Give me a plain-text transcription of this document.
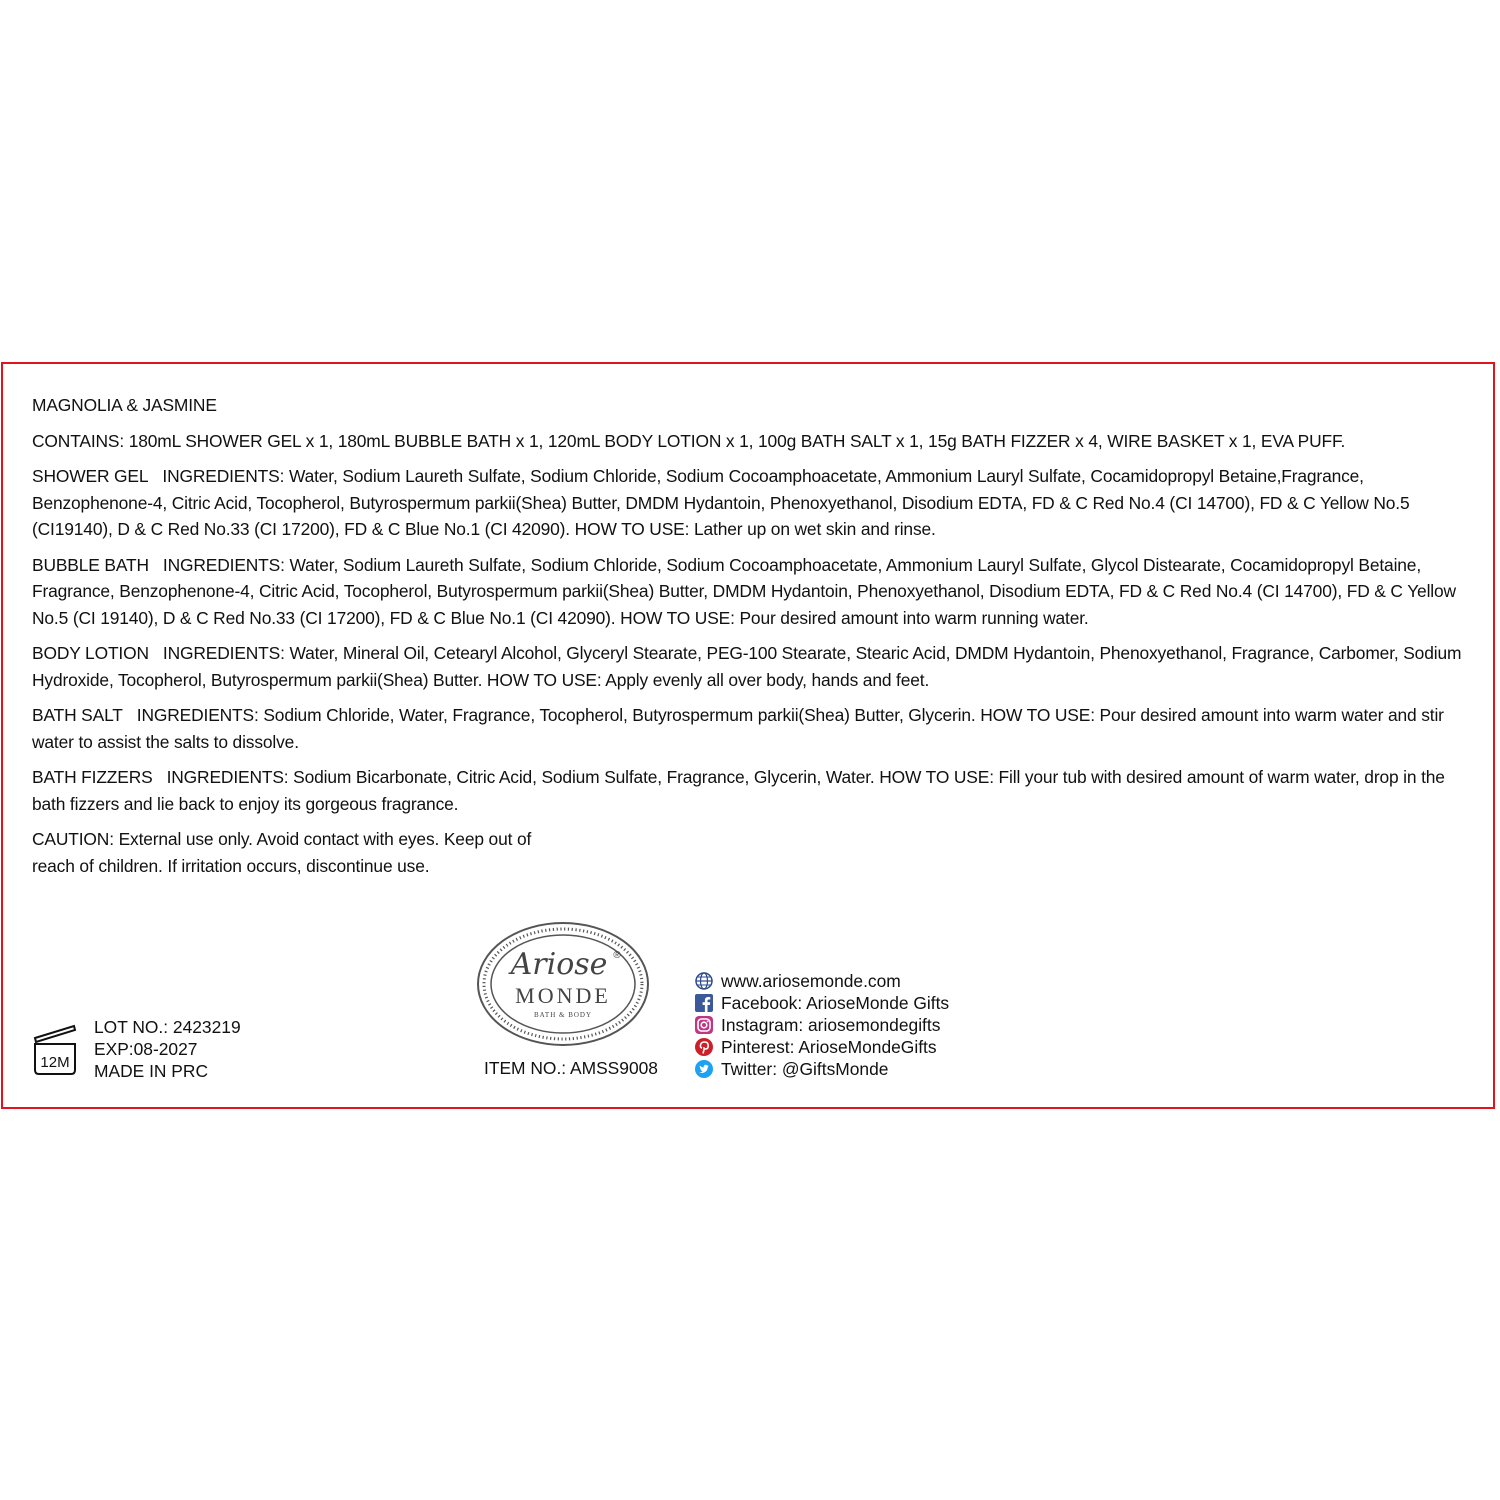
MAGNOLIA & JASMINE

CONTAINS: 180mL SHOWER GEL x 1, 180mL BUBBLE BATH x 1, 120mL BODY LOTION x 1, 100g BATH SALT x 1, 15g BATH FIZZER x 4, WIRE BASKET x 1, EVA PUFF.

SHOWER GEL INGREDIENTS: Water, Sodium Laureth Sulfate, Sodium Chloride, Sodium Cocoamphoacetate, Ammonium Lauryl Sulfate, Cocamidopropyl Betaine,Fragrance, Benzophenone-4, Citric Acid, Tocopherol, Butyrospermum parkii(Shea) Butter, DMDM Hydantoin, Phenoxyethanol, Disodium EDTA, FD & C Red No.4 (CI 14700), FD & C Yellow No.5 (CI19140), D & C Red No.33 (CI 17200), FD & C Blue No.1 (CI 42090). HOW TO USE: Lather up on wet skin and rinse.

BUBBLE BATH INGREDIENTS: Water, Sodium Laureth Sulfate, Sodium Chloride, Sodium Cocoamphoacetate, Ammonium Lauryl Sulfate, Glycol Distearate, Cocamidopropyl Betaine, Fragrance, Benzophenone-4, Citric Acid, Tocopherol, Butyrospermum parkii(Shea) Butter, DMDM Hydantoin, Phenoxyethanol, Disodium EDTA, FD & C Red No.4 (CI 14700), FD & C Yellow No.5 (CI 19140), D & C Red No.33 (CI 17200), FD & C Blue No.1 (CI 42090). HOW TO USE: Pour desired amount into warm running water.

BODY LOTION INGREDIENTS: Water, Mineral Oil, Cetearyl Alcohol, Glyceryl Stearate, PEG-100 Stearate, Stearic Acid, DMDM Hydantoin, Phenoxyethanol, Fragrance, Carbomer, Sodium Hydroxide, Tocopherol, Butyrospermum parkii(Shea) Butter. HOW TO USE: Apply evenly all over body, hands and feet.

BATH SALT INGREDIENTS: Sodium Chloride, Water, Fragrance, Tocopherol, Butyrospermum parkii(Shea) Butter, Glycerin. HOW TO USE: Pour desired amount into warm water and stir water to assist the salts to dissolve.

BATH FIZZERS INGREDIENTS: Sodium Bicarbonate, Citric Acid, Sodium Sulfate, Fragrance, Glycerin, Water. HOW TO USE: Fill your tub with desired amount of warm water, drop in the bath fizzers and lie back to enjoy its gorgeous fragrance.

CAUTION: External use only. Avoid contact with eyes. Keep out of reach of children. If irritation occurs, discontinue use.

12M
LOT NO.: 2423219
EXP:08-2027
MADE IN PRC
Ariose ®
MONDE
BATH & BODY
ITEM NO.: AMSS9008
www.ariosemonde.com
Facebook: ArioseMonde Gifts
Instagram: ariosemondegifts
Pinterest: ArioseMondeGifts
Twitter: @GiftsMonde
